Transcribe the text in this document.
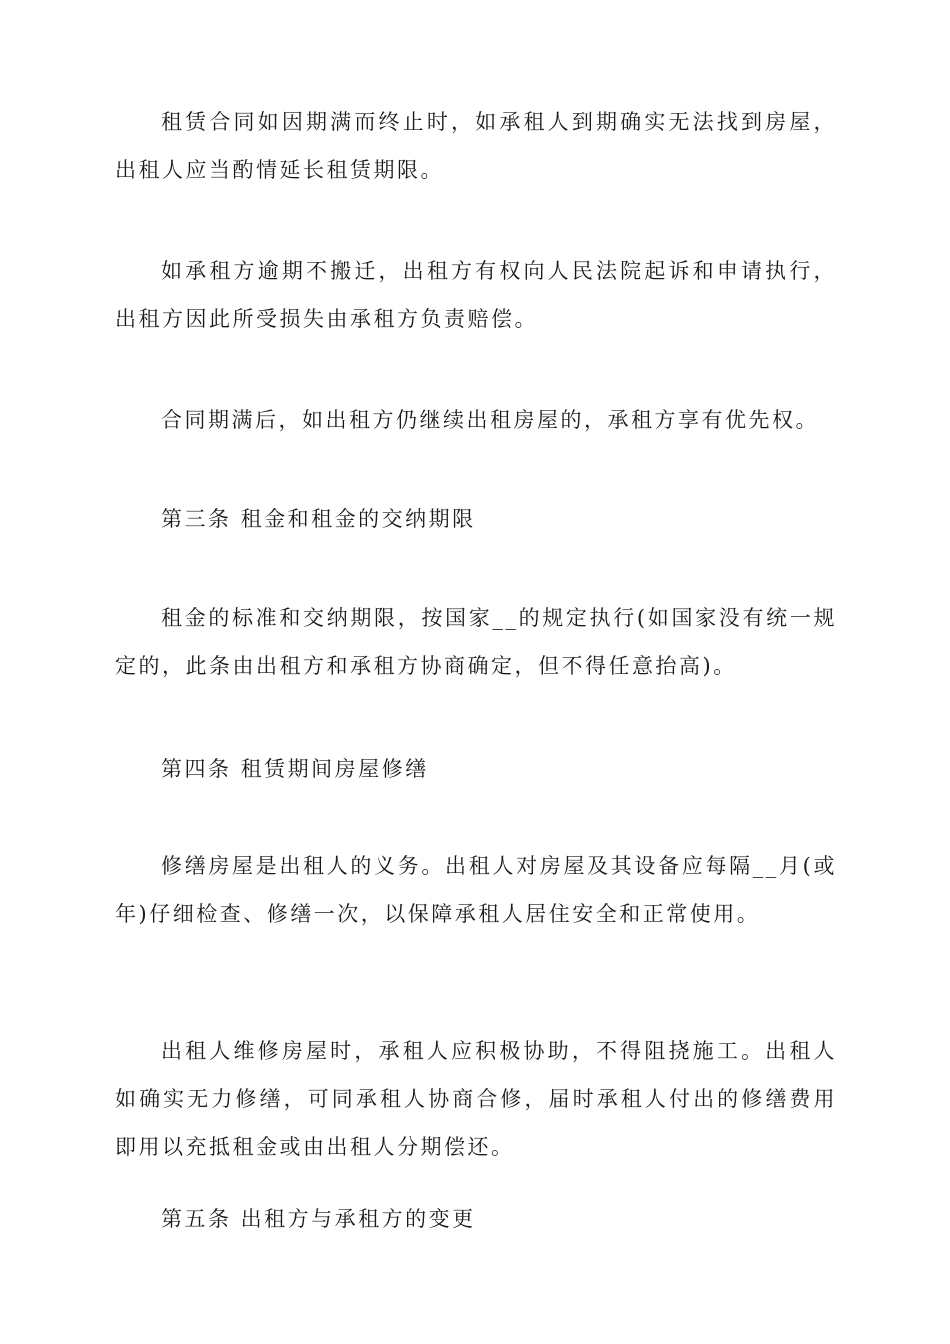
租赁合同如因期满而终止时，如承租人到期确实无法找到房屋，出租人应当酌情延长租赁期限。

如承租方逾期不搬迁，出租方有权向人民法院起诉和申请执行，出租方因此所受损失由承租方负责赔偿。

合同期满后，如出租方仍继续出租房屋的，承租方享有优先权。

第三条 租金和租金的交纳期限

租金的标准和交纳期限，按国家__的规定执行(如国家没有统一规定的，此条由出租方和承租方协商确定，但不得任意抬高)。

第四条 租赁期间房屋修缮

修缮房屋是出租人的义务。出租人对房屋及其设备应每隔__月(或年)仔细检查、修缮一次，以保障承租人居住安全和正常使用。

出租人维修房屋时，承租人应积极协助，不得阻挠施工。出租人如确实无力修缮，可同承租人协商合修，届时承租人付出的修缮费用即用以充抵租金或由出租人分期偿还。

第五条 出租方与承租方的变更
